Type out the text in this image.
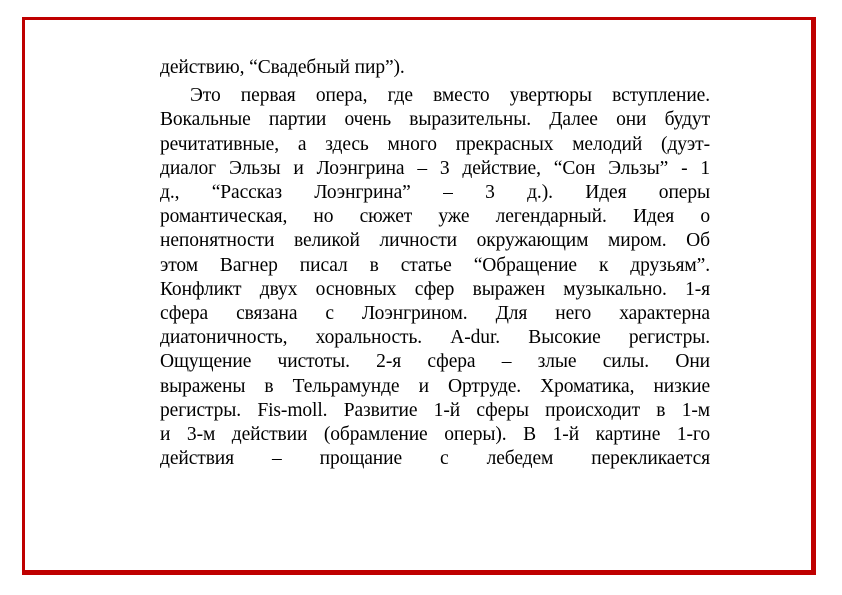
действию, “Свадебный пир”).

Это первая опера, где вместо увертюры вступление.
Вокальные партии очень выразительны. Далее они будут
речитативные, а здесь много прекрасных мелодий (дуэт-
диалог Эльзы и Лоэнгрина – 3 действие, “Сон Эльзы” - 1
д., “Рассказ Лоэнгрина” – 3 д.). Идея оперы
романтическая, но сюжет уже легендарный. Идея о
непонятности великой личности окружающим миром. Об
этом Вагнер писал в статье “Обращение к друзьям”.
Конфликт двух основных сфер выражен музыкально. 1-я
сфера связана с Лоэнгрином. Для него характерна
диатоничность, хоральность. A-dur. Высокие регистры.
Ощущение чистоты. 2-я сфера – злые силы. Они
выражены в Тельрамунде и Ортруде. Хроматика, низкие
регистры. Fis-moll. Развитие 1-й сферы происходит в 1-м
и 3-м действии (обрамление оперы). В 1-й картине 1-го
действия – прощание с лебедем перекликается
